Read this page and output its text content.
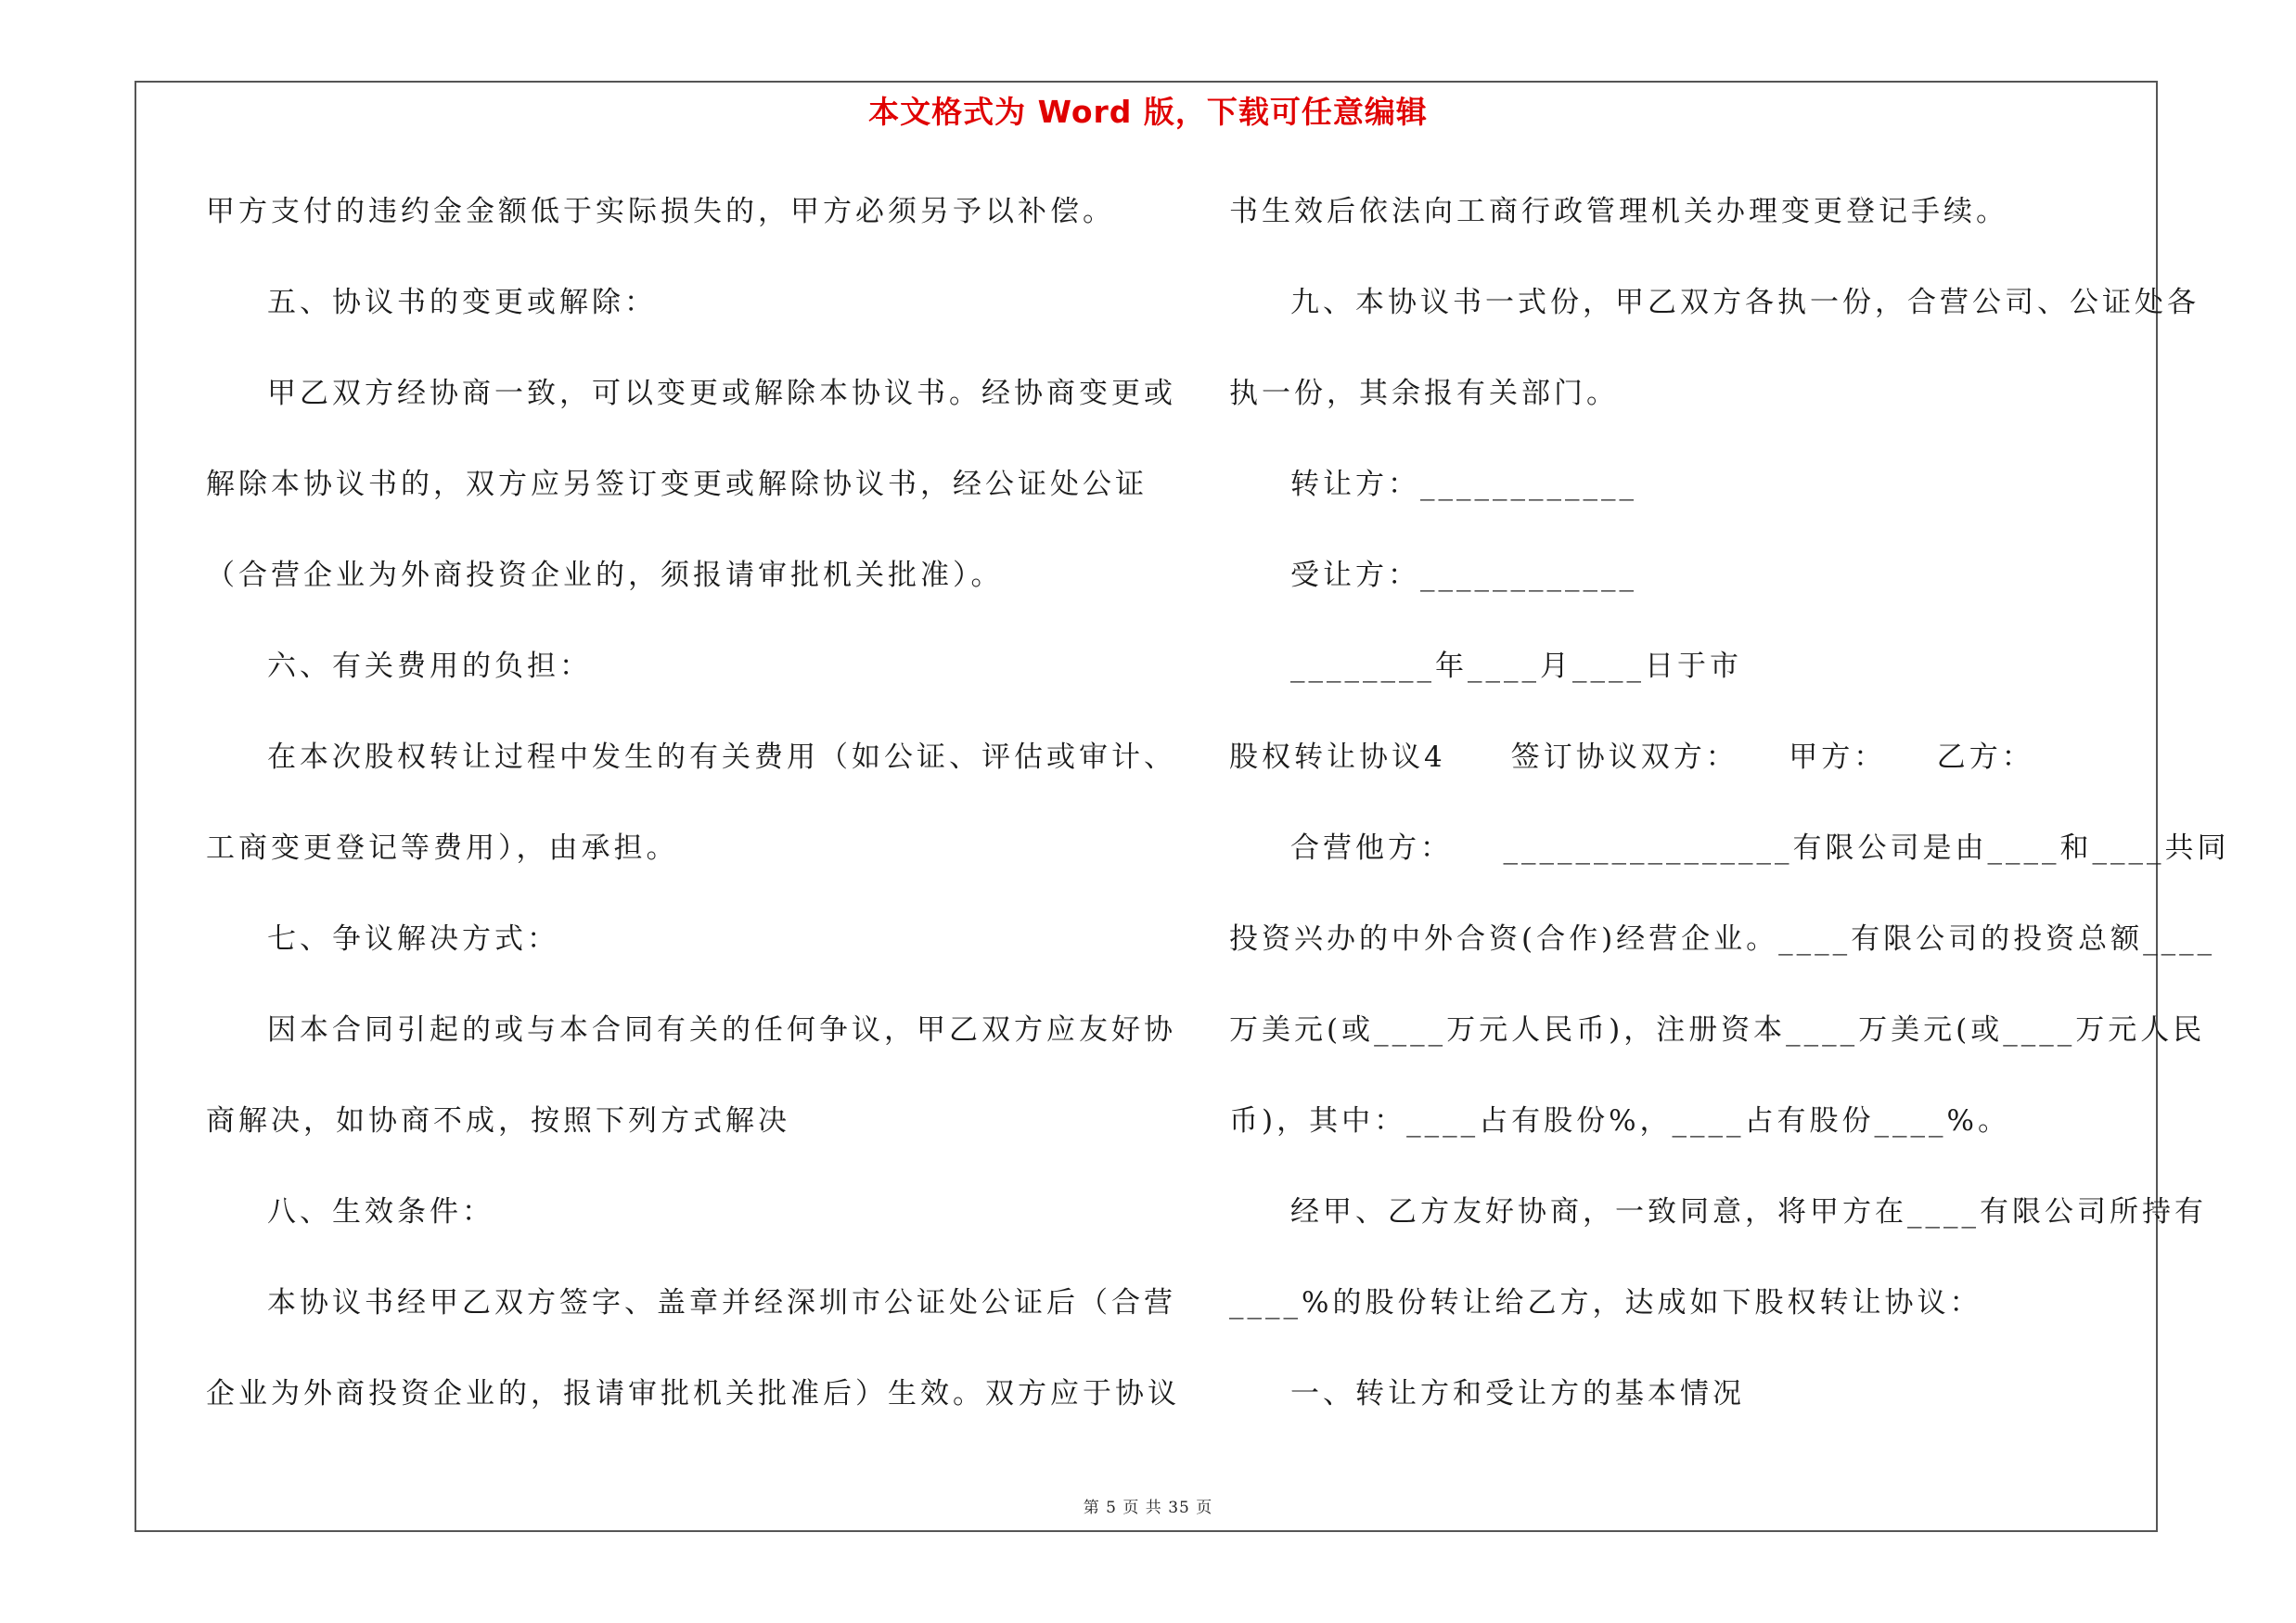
本文格式为 Word 版，下载可任意编辑
甲方支付的违约金金额低于实际损失的，甲方必须另予以补偿。
五、协议书的变更或解除：
甲乙双方经协商一致，可以变更或解除本协议书。经协商变更或
解除本协议书的，双方应另签订变更或解除协议书，经公证处公证
（合营企业为外商投资企业的，须报请审批机关批准）。
六、有关费用的负担：
在本次股权转让过程中发生的有关费用（如公证、评估或审计、
工商变更登记等费用），由承担。
七、争议解决方式：
因本合同引起的或与本合同有关的任何争议，甲乙双方应友好协
商解决，如协商不成，按照下列方式解决
八、生效条件：
本协议书经甲乙双方签字、盖章并经深圳市公证处公证后（合营
企业为外商投资企业的，报请审批机关批准后）生效。双方应于协议
书生效后依法向工商行政管理机关办理变更登记手续。
九、本协议书一式份，甲乙双方各执一份，合营公司、公证处各
执一份，其余报有关部门。
转让方：____________
受让方：____________
________年____月____日于市
股权转让协议4　　签订协议双方：　　甲方：　　乙方：
合营他方：　　________________有限公司是由____和____共同
投资兴办的中外合资(合作)经营企业。____有限公司的投资总额____
万美元(或____万元人民币)，注册资本____万美元(或____万元人民
币)，其中：____占有股份%，____占有股份____%。
经甲、乙方友好协商，一致同意，将甲方在____有限公司所持有
____%的股份转让给乙方，达成如下股权转让协议：
一、转让方和受让方的基本情况
第 5 页 共 35 页
